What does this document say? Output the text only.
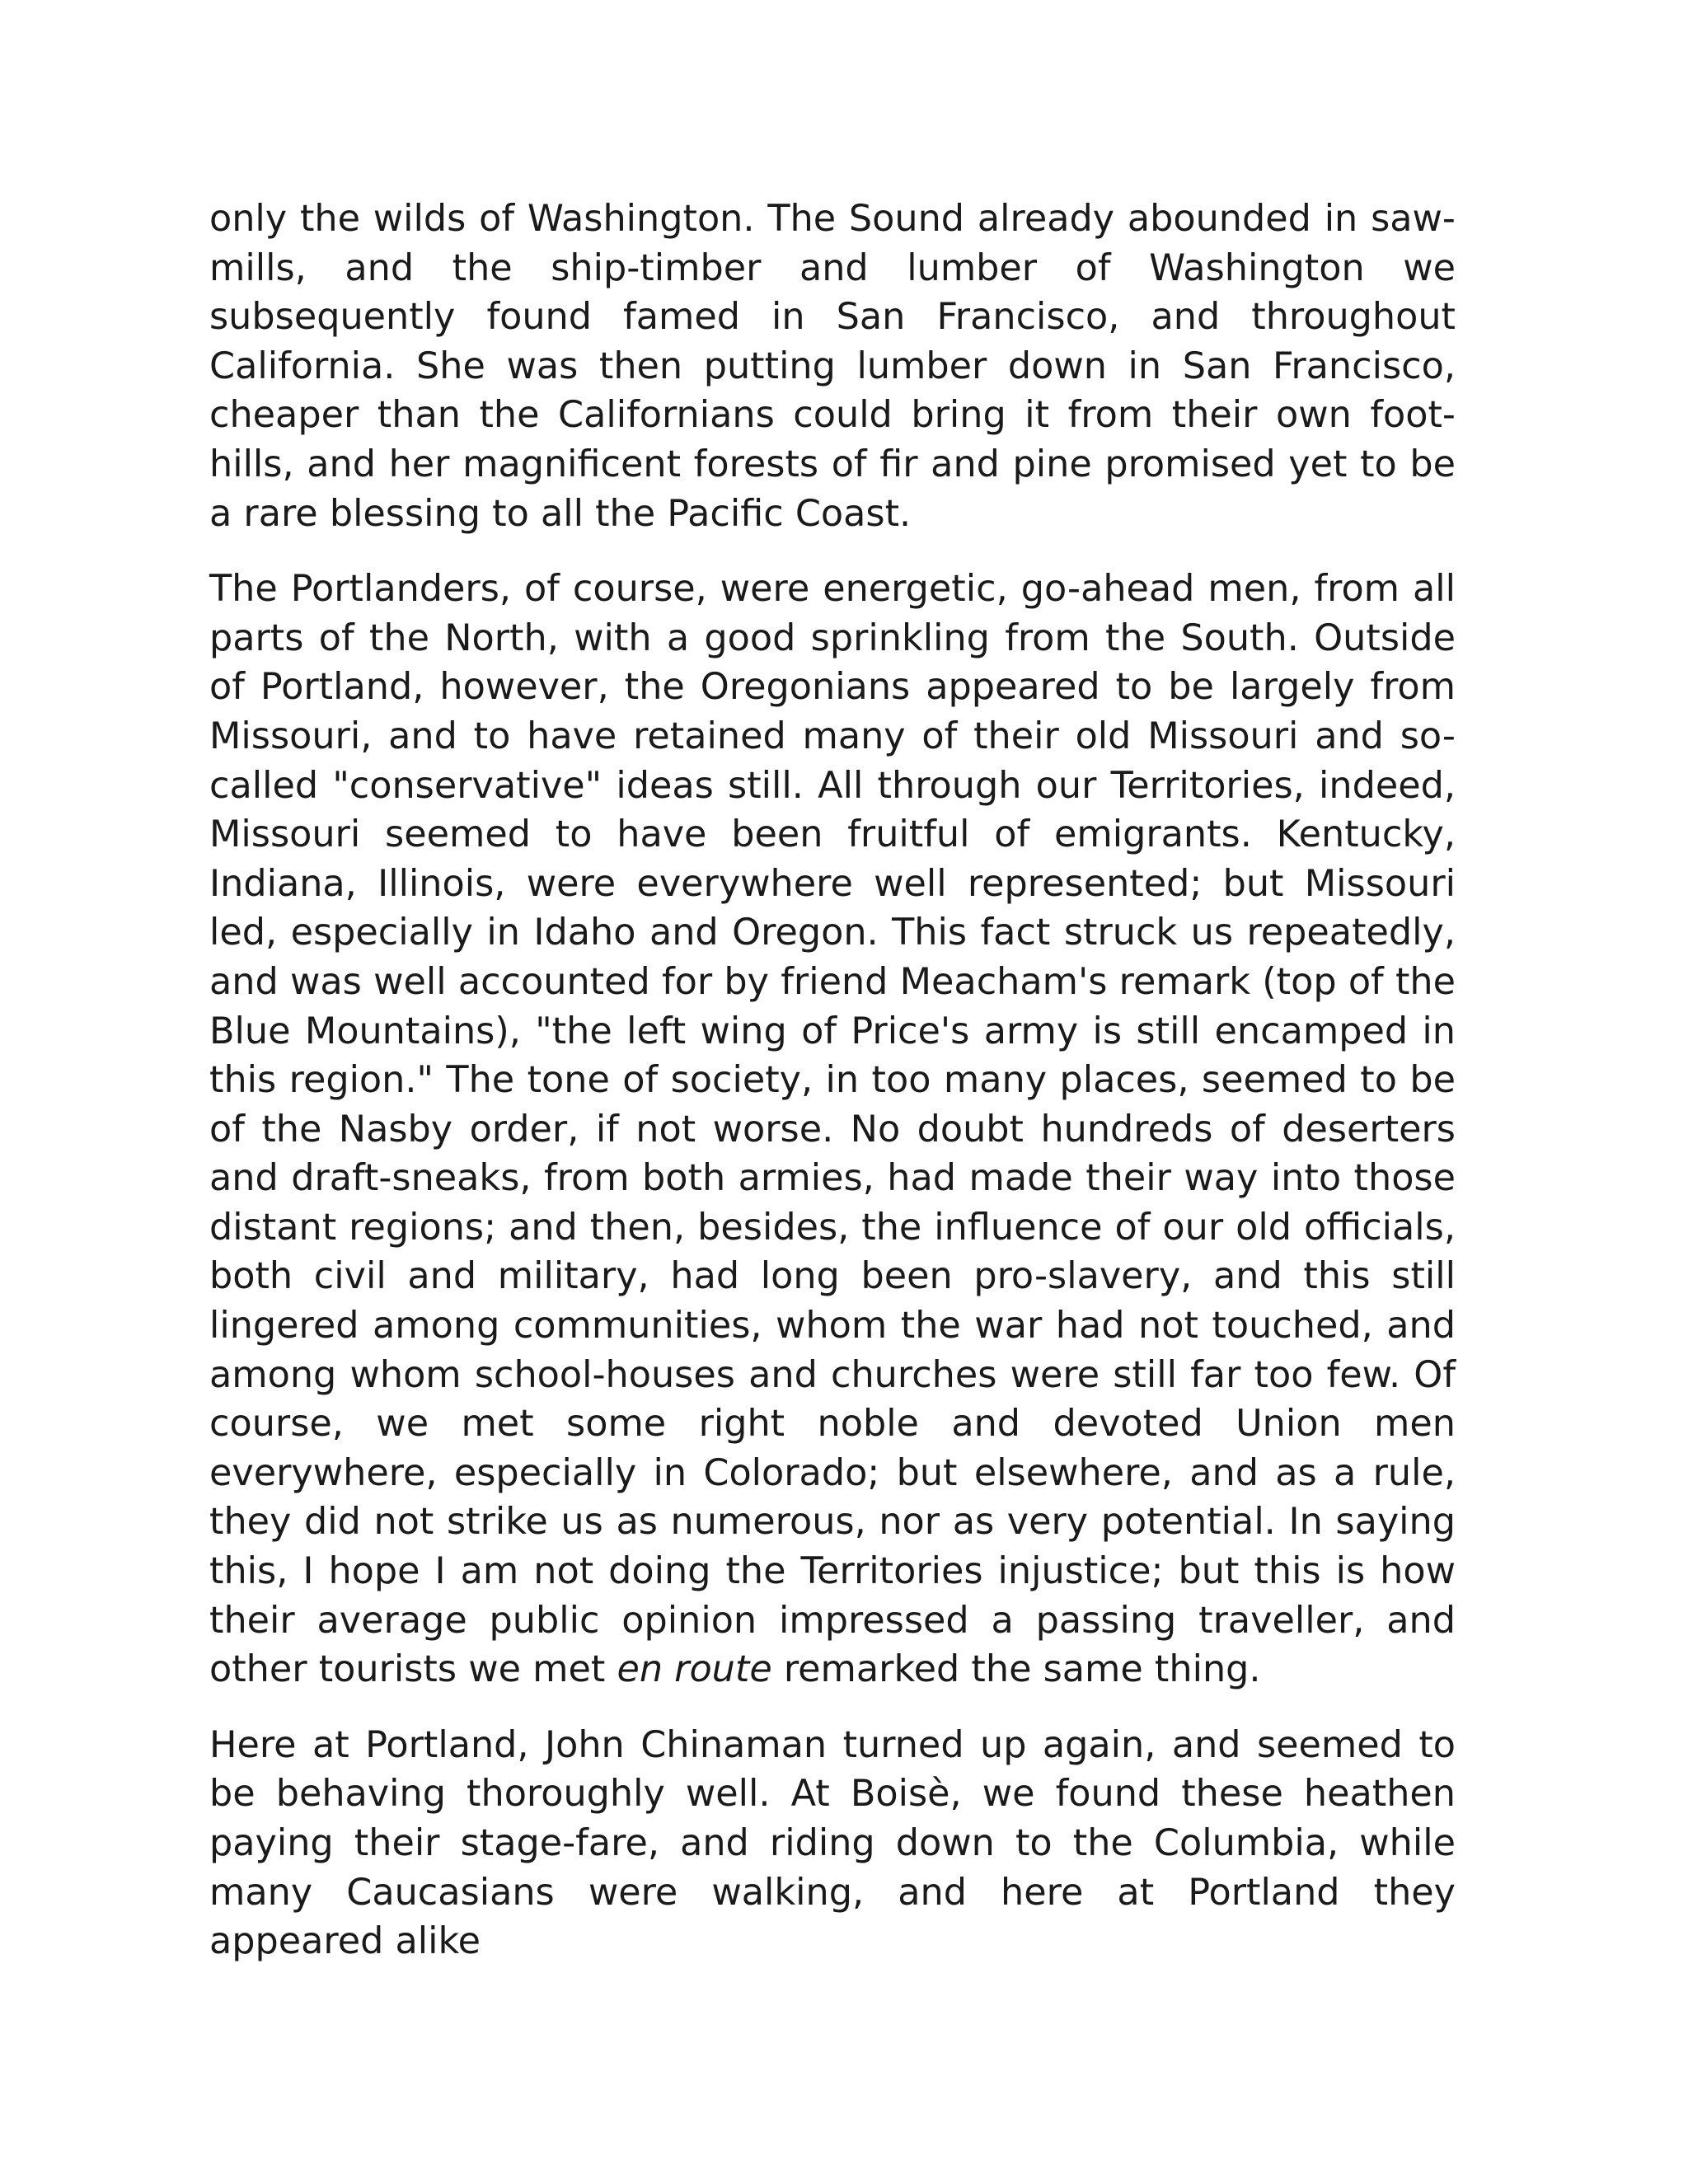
only the wilds of Washington. The Sound already abounded in saw-mills, and the ship-timber and lumber of Washington we subsequently found famed in San Francisco, and throughout California. She was then putting lumber down in San Francisco, cheaper than the Californians could bring it from their own foot-hills, and her magnificent forests of fir and pine promised yet to be a rare blessing to all the Pacific Coast.

The Portlanders, of course, were energetic, go-ahead men, from all parts of the North, with a good sprinkling from the South. Outside of Portland, however, the Oregonians appeared to be largely from Missouri, and to have retained many of their old Missouri and so-called "conservative" ideas still. All through our Territories, indeed, Missouri seemed to have been fruitful of emigrants. Kentucky, Indiana, Illinois, were everywhere well represented; but Missouri led, especially in Idaho and Oregon. This fact struck us repeatedly, and was well accounted for by friend Meacham's remark (top of the Blue Mountains), "the left wing of Price's army is still encamped in this region." The tone of society, in too many places, seemed to be of the Nasby order, if not worse. No doubt hundreds of deserters and draft-sneaks, from both armies, had made their way into those distant regions; and then, besides, the influence of our old officials, both civil and military, had long been pro-slavery, and this still lingered among communities, whom the war had not touched, and among whom school-houses and churches were still far too few. Of course, we met some right noble and devoted Union men everywhere, especially in Colorado; but elsewhere, and as a rule, they did not strike us as numerous, nor as very potential. In saying this, I hope I am not doing the Territories injustice; but this is how their average public opinion impressed a passing traveller, and other tourists we met en route remarked the same thing.

Here at Portland, John Chinaman turned up again, and seemed to be behaving thoroughly well. At Boisè, we found these heathen paying their stage-fare, and riding down to the Columbia, while many Caucasians were walking, and here at Portland they appeared alike
